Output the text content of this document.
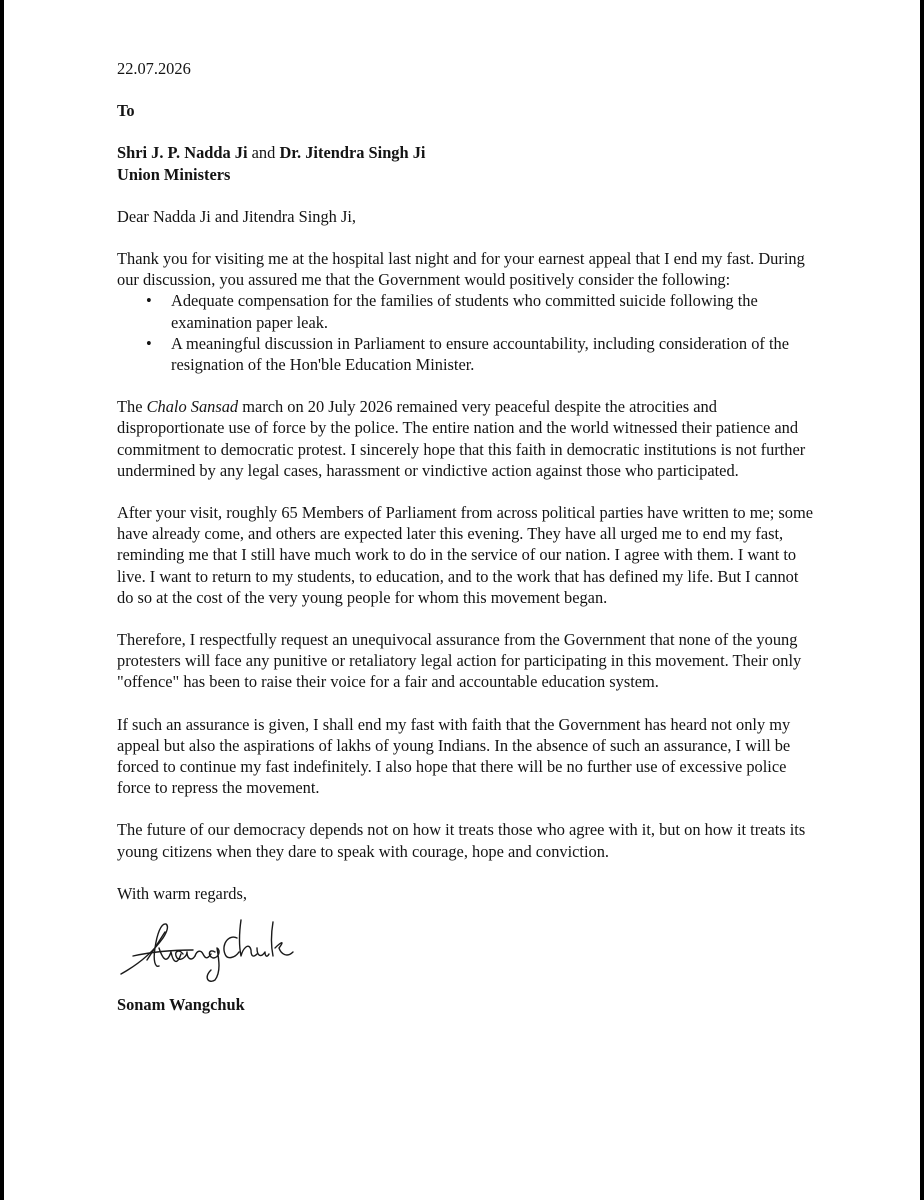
22.07.2026

To

Shri J. P. Nadda Ji and Dr. Jitendra Singh Ji
Union Ministers

Dear Nadda Ji and Jitendra Singh Ji,

Thank you for visiting me at the hospital last night and for your earnest appeal that I end my fast. During our discussion, you assured me that the Government would positively consider the following:

• Adequate compensation for the families of students who committed suicide following the examination paper leak.
• A meaningful discussion in Parliament to ensure accountability, including consideration of the resignation of the Hon'ble Education Minister.

The Chalo Sansad march on 20 July 2026 remained very peaceful despite the atrocities and disproportionate use of force by the police. The entire nation and the world witnessed their patience and commitment to democratic protest. I sincerely hope that this faith in democratic institutions is not further undermined by any legal cases, harassment or vindictive action against those who participated.

After your visit, roughly 65 Members of Parliament from across political parties have written to me; some have already come, and others are expected later this evening. They have all urged me to end my fast, reminding me that I still have much work to do in the service of our nation. I agree with them. I want to live. I want to return to my students, to education, and to the work that has defined my life. But I cannot do so at the cost of the very young people for whom this movement began.

Therefore, I respectfully request an unequivocal assurance from the Government that none of the young protesters will face any punitive or retaliatory legal action for participating in this movement. Their only "offence" has been to raise their voice for a fair and accountable education system.

If such an assurance is given, I shall end my fast with faith that the Government has heard not only my appeal but also the aspirations of lakhs of young Indians. In the absence of such an assurance, I will be forced to continue my fast indefinitely. I also hope that there will be no further use of excessive police force to repress the movement.

The future of our democracy depends not on how it treats those who agree with it, but on how it treats its young citizens when they dare to speak with courage, hope and conviction.

With warm regards,

Sonam Wangchuk
